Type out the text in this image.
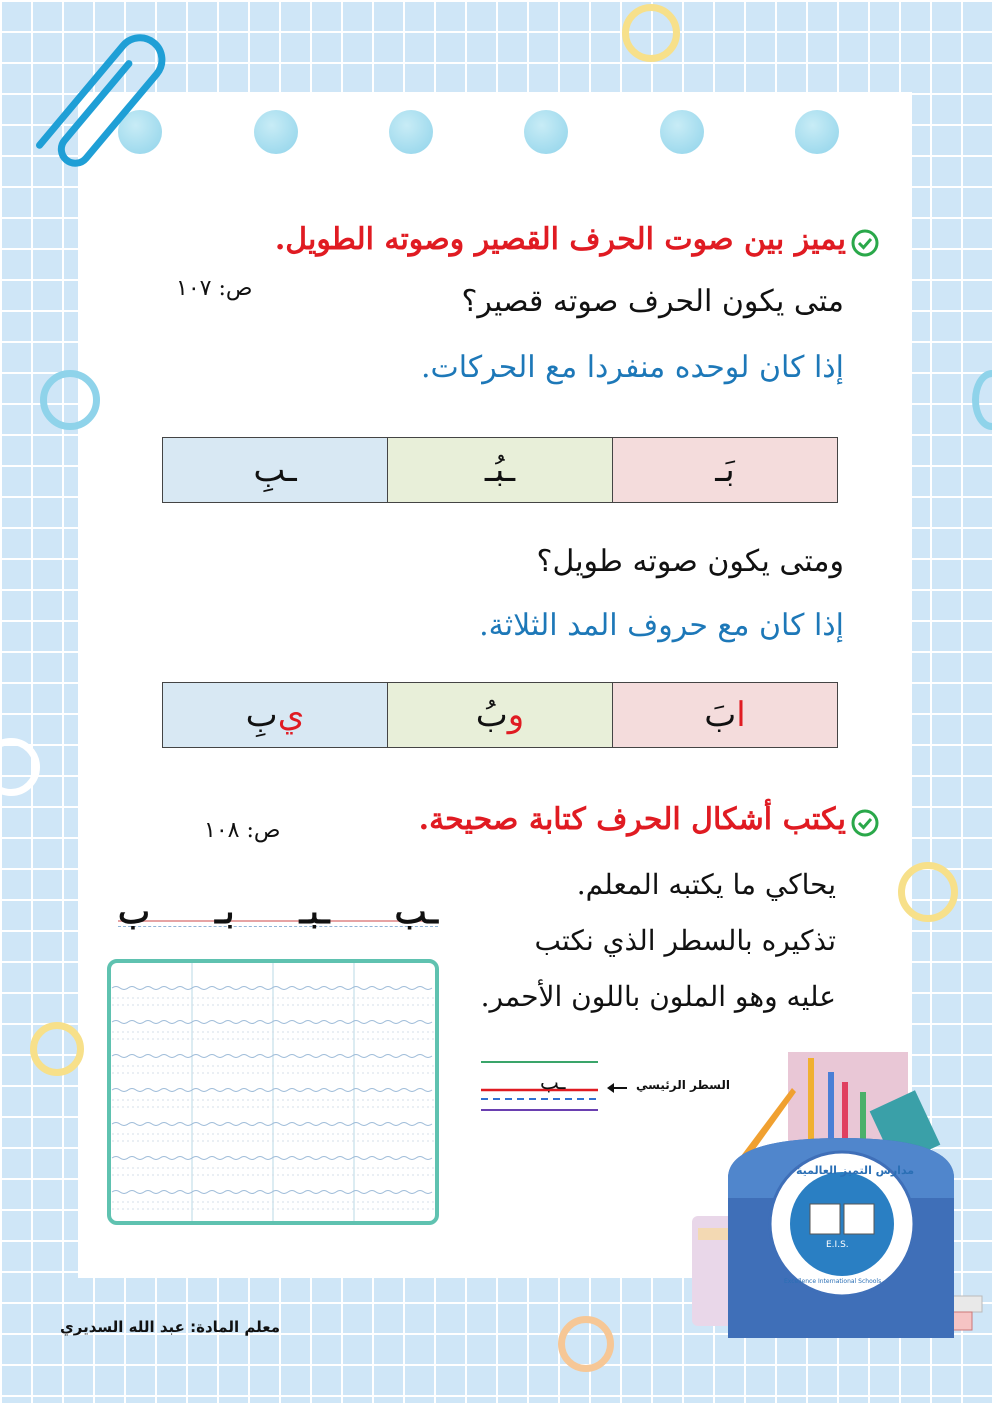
يميز بين صوت الحرف القصير وصوته الطويل.
ص: ١٠٧	متى يكون الحرف صوته قصير؟
إذا كان لوحده منفردا مع الحركات.
بَـ
ـبُـ
ـبِ
ومتى يكون صوته طويل؟
إذا كان مع حروف المد الثلاثة.
بَ ا
بُ و
بِ ي
يكتب أشكال الحرف كتابة صحيحة.
ص: ١٠٨
يحاكي ما يكتبه المعلم.
تذكيره بالسطر الذي نكتب
عليه وهو الملون باللون الأحمر.
ب بـ ـبـ ـب
ـب	السطر الرئيسي
E.I.S.
مدارس التميز العالمية
Excellence International Schools
معلم المادة: عبد الله السديري
